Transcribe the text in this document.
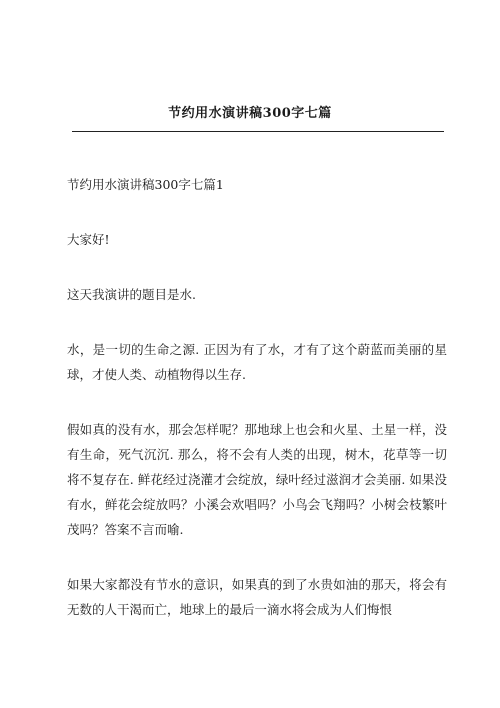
节约用水演讲稿300字七篇

节约用水演讲稿300字七篇1

大家好!

这天我演讲的题目是水.

水，是一切的生命之源. 正因为有了水，才有了这个蔚蓝而美丽的星球，才使人类、动植物得以生存.

假如真的没有水，那会怎样呢？那地球上也会和火星、土星一样，没有生命，死气沉沉. 那么，将不会有人类的出现，树木，花草等一切将不复存在. 鲜花经过浇灌才会绽放，绿叶经过滋润才会美丽. 如果没有水，鲜花会绽放吗？小溪会欢唱吗？小鸟会飞翔吗？小树会枝繁叶茂吗？答案不言而喻.

如果大家都没有节水的意识，如果真的到了水贵如油的那天，将会有无数的人干渴而亡，地球上的最后一滴水将会成为人们悔恨
